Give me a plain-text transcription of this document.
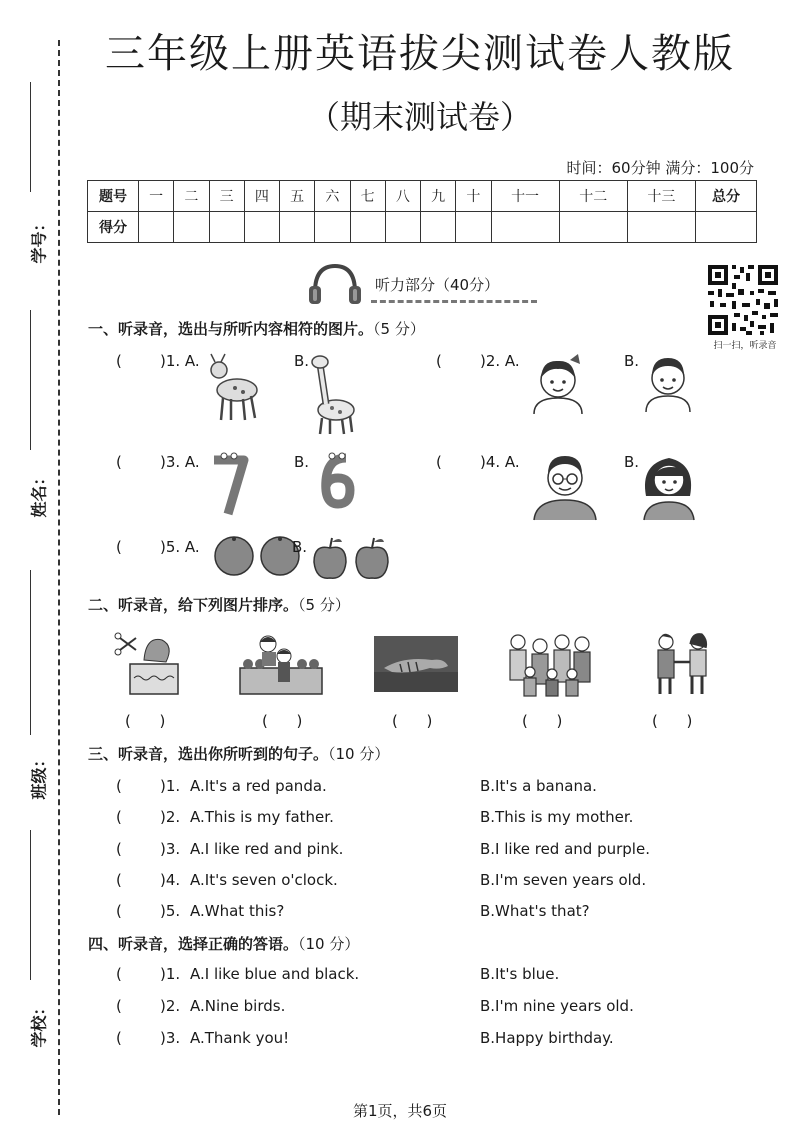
学号：
姓名：
班级：
学校：
三年级上册英语拔尖测试卷人教版
（期末测试卷）
时间：60分钟 满分：100分
题号	一	二	三	四	五	六	七	八	九	十	十一	十二	十三	总分
得分														
听力部分（40分）
扫一扫，听录音
一、听录音，选出与所听内容相符的图片。（5 分）
(	)1. A.	B.	(	)2. A.	B.
(	)3. A.	B.	(	)4. A.	B.
(	)5. A.	B.
二、听录音，给下列图片排序。（5 分）
(      )	(      )	(      )	(      )	(      )
三、听录音，选出你所听到的句子。（10 分）
(	)1. A.It's a red panda.	B.It's a banana.
(	)2. A.This is my father.	B.This is my mother.
(	)3. A.I like red and pink.	B.I like red and purple.
(	)4. A.It's seven o'clock.	B.I'm seven years old.
(	)5. A.What this?	B.What's that?
四、听录音，选择正确的答语。（10 分）
(	)1. A.I like blue and black.	B.It's blue.
(	)2. A.Nine birds.	B.I'm nine years old.
(	)3. A.Thank you!	B.Happy birthday.
第1页，共6页
